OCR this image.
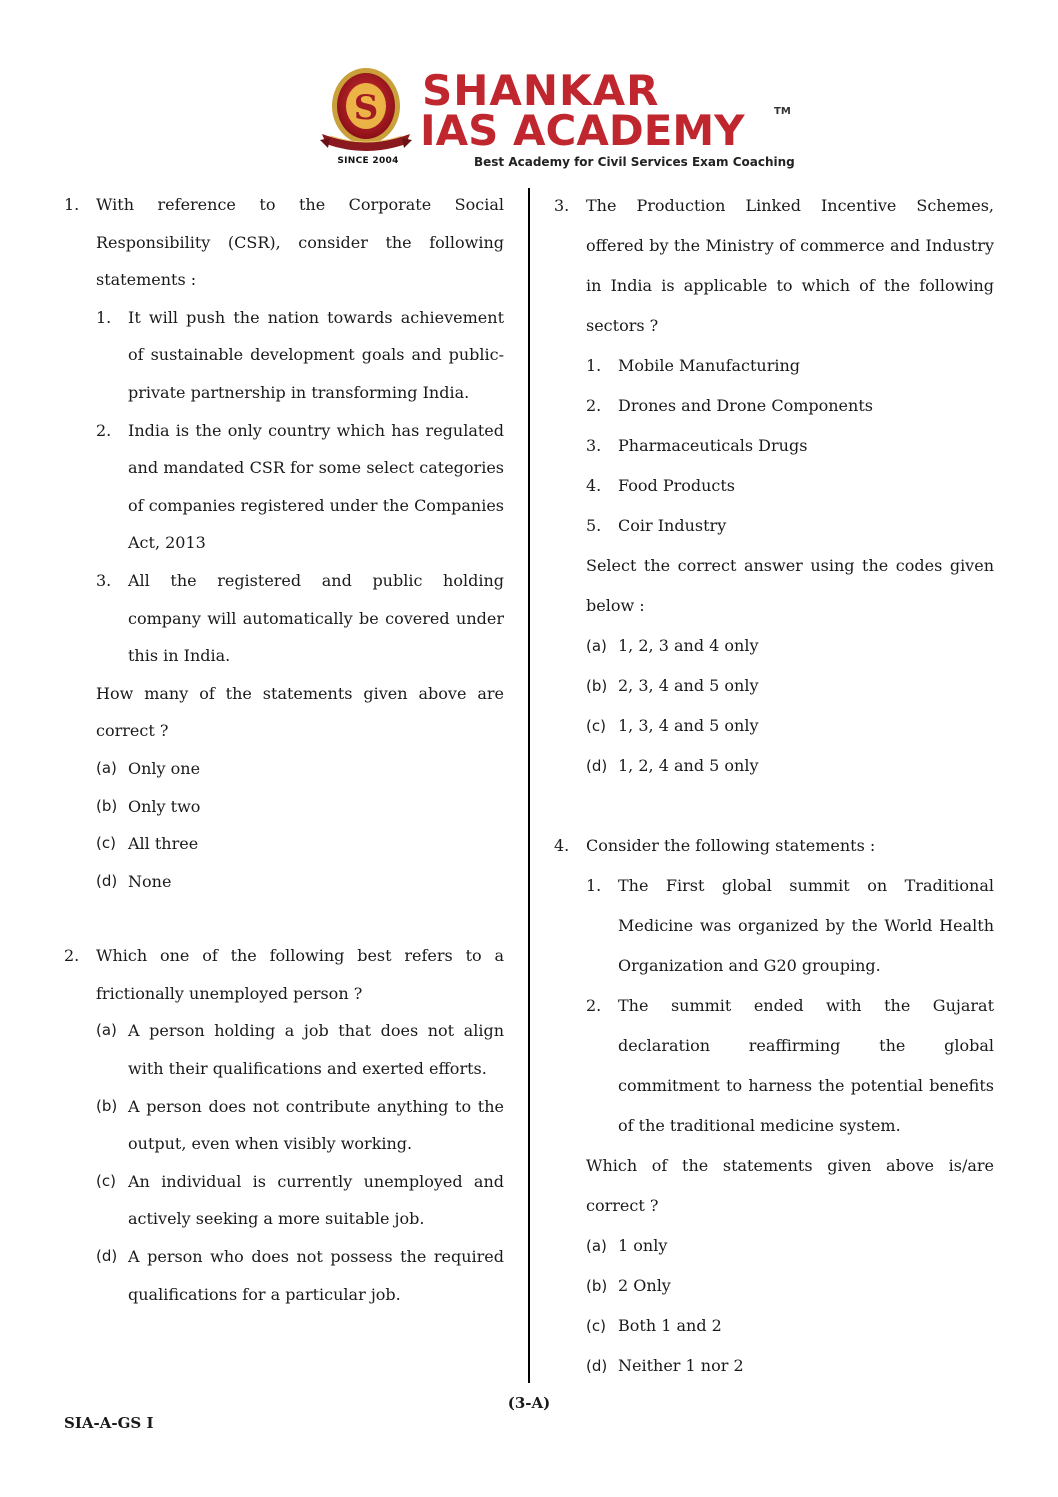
S
SINCE 2004
SHANKAR
IAS ACADEMY	TM
Best Academy for Civil Services Exam Coaching
1.	With reference to the Corporate Social Responsibility (CSR), consider the following statements :
1. It will push the nation towards achievement of sustainable development goals and public-private partnership in transforming India.
2. India is the only country which has regulated and mandated CSR for some select categories of companies registered under the Companies Act, 2013
3. All the registered and public holding company will automatically be covered under this in India.
How many of the statements given above are correct ?
(a) Only one
(b) Only two
(c) All three
(d) None
2.	Which one of the following best refers to a frictionally unemployed person ?
(a) A person holding a job that does not align with their qualifications and exerted efforts.
(b) A person does not contribute anything to the output, even when visibly working.
(c) An individual is currently unemployed and actively seeking a more suitable job.
(d) A person who does not possess the required qualifications for a particular job.
3.	The Production Linked Incentive Schemes, offered by the Ministry of commerce and Industry in India is applicable to which of the following sectors ?
1. Mobile Manufacturing
2. Drones and Drone Components
3. Pharmaceuticals Drugs
4. Food Products
5. Coir Industry
Select the correct answer using the codes given below :
(a) 1, 2, 3 and 4 only
(b) 2, 3, 4 and 5 only
(c) 1, 3, 4 and 5 only
(d) 1, 2, 4 and 5 only
4.	Consider the following statements :
1. The First global summit on Traditional Medicine was organized by the World Health Organization and G20 grouping.
2. The summit ended with the Gujarat declaration reaffirming the global commitment to harness the potential benefits of the traditional medicine system.
Which of the statements given above is/are correct ?
(a) 1 only
(b) 2 Only
(c) Both 1 and 2
(d) Neither 1 nor 2
(3-A)
SIA-A-GS I
